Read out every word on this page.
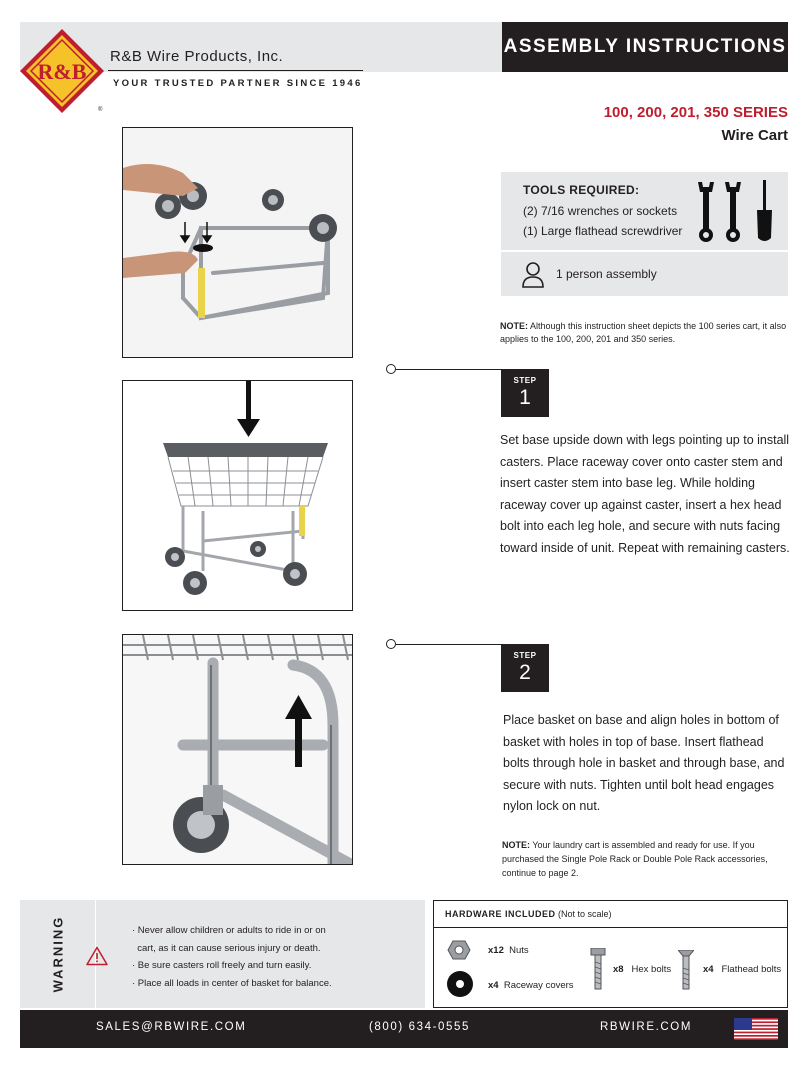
ASSEMBLY INSTRUCTIONS
R&B
®
R&B Wire Products, Inc.
YOUR TRUSTED PARTNER SINCE 1946
100, 200, 201, 350 SERIES
Wire Cart
TOOLS REQUIRED:
(2) 7/16 wrenches or sockets
(1) Large flathead screwdriver
1 person assembly
NOTE: Although this instruction sheet depicts the 100 series cart, it also applies to the 100, 200, 201 and 350 series.
STEP
1
Set base upside down with legs pointing up to install casters. Place raceway cover onto caster stem and insert caster stem into base leg. While holding raceway cover up against caster, insert a hex head bolt into each leg hole, and secure with nuts facing toward inside of unit. Repeat with remaining casters.
STEP
2
Place basket on base and align holes in bottom of basket with holes in top of base. Insert flathead bolts through hole in basket and through base, and secure with nuts. Tighten until bolt head engages nylon lock on nut.
NOTE: Your laundry cart is assembled and ready for use. If you purchased the Single Pole Rack or Double Pole Rack accessories, continue to page 2.
WARNING	· Never allow children or adults to ride in or on
cart, as it can cause serious injury or death.
· Be sure casters roll freely and turn easily.
· Place all loads in center of basket for balance.
HARDWARE INCLUDED (Not to scale)
x12 Nuts
x4 Raceway covers
x8 Hex bolts	x4 Flathead bolts
SALES@RBWIRE.COM	(800) 634-0555	RBWIRE.COM
